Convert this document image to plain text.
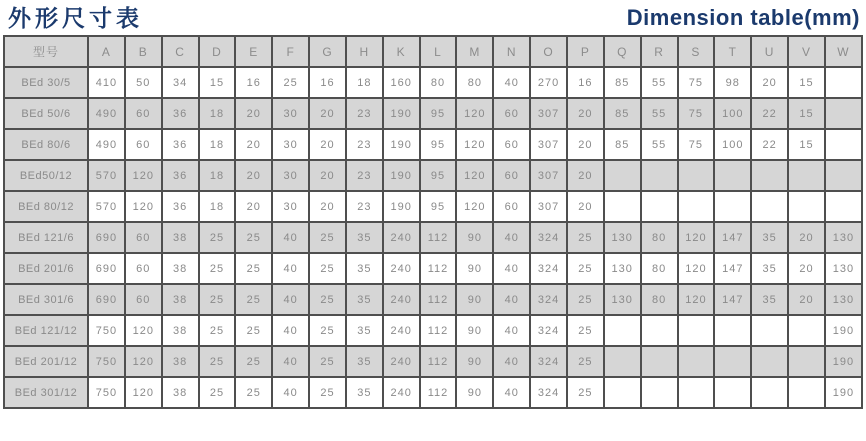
外形尺寸表	Dimension table(mm)
型号	A	B	C	D	E	F	G	H	K	L	M	N	O	P	Q	R	S	T	U	V	W
BEd 30/5	410	50	34	15	16	25	16	18	160	80	80	40	270	16	85	55	75	98	20	15	
BEd 50/6	490	60	36	18	20	30	20	23	190	95	120	60	307	20	85	55	75	100	22	15	
BEd 80/6	490	60	36	18	20	30	20	23	190	95	120	60	307	20	85	55	75	100	22	15	
BEd50/12	570	120	36	18	20	30	20	23	190	95	120	60	307	20							
BEd 80/12	570	120	36	18	20	30	20	23	190	95	120	60	307	20							
BEd 121/6	690	60	38	25	25	40	25	35	240	112	90	40	324	25	130	80	120	147	35	20	130
BEd 201/6	690	60	38	25	25	40	25	35	240	112	90	40	324	25	130	80	120	147	35	20	130
BEd 301/6	690	60	38	25	25	40	25	35	240	112	90	40	324	25	130	80	120	147	35	20	130
BEd 121/12	750	120	38	25	25	40	25	35	240	112	90	40	324	25							190
BEd 201/12	750	120	38	25	25	40	25	35	240	112	90	40	324	25							190
BEd 301/12	750	120	38	25	25	40	25	35	240	112	90	40	324	25							190
